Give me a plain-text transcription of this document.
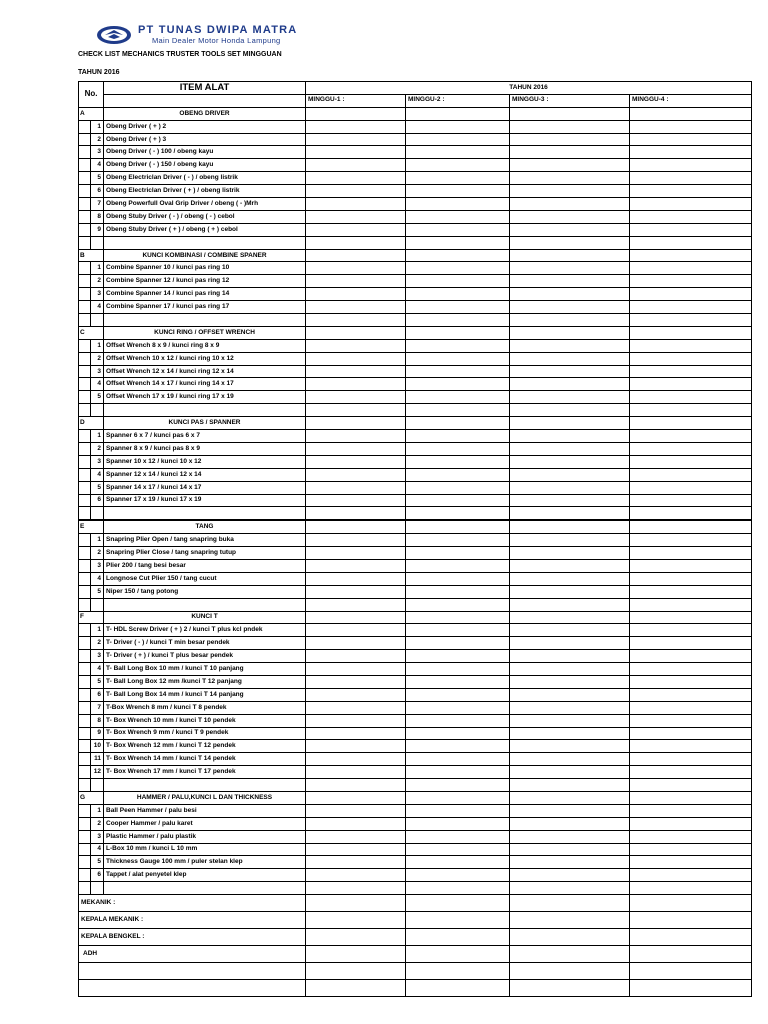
PT TUNAS DWIPA MATRA
Main Dealer Motor Honda Lampung
CHECK LIST MECHANICS TRUSTER TOOLS SET MINGGUAN
TAHUN 2016
No.		ITEM ALAT	TAHUN 2016			
			MINGGU-1 :	MINGGU-2 :	MINGGU-3 :	MINGGU-4 :
A		OBENG DRIVER				
	1	Obeng Driver ( + ) 2				
	2	Obeng Driver ( + ) 3				
	3	Obeng Driver ( - ) 100 / obeng kayu				
	4	Obeng Driver ( - ) 150 / obeng kayu				
	5	Obeng Electriclan Driver ( - ) / obeng listrik				
	6	Obeng Electriclan Driver ( + ) / obeng listrik				
	7	Obeng Powerfull Oval Grip Driver / obeng ( - )Mrh				
	8	Obeng Stuby Driver ( - ) / obeng ( - ) cebol				
	9	Obeng Stuby Driver ( + ) / obeng ( + ) cebol				

B		KUNCI KOMBINASI / COMBINE SPANER				
	1	Combine Spanner 10 / kunci pas ring 10				
	2	Combine Spanner 12 / kunci pas ring 12				
	3	Combine Spanner 14 / kunci pas ring 14				
	4	Combine Spanner 17 / kunci pas ring 17				

C		KUNCI RING / OFFSET WRENCH				
	1	Offset Wrench 8 x 9 / kunci ring 8 x 9				
	2	Offset Wrench 10 x 12 / kunci ring 10 x 12				
	3	Offset Wrench 12 x 14 / kunci ring 12 x 14				
	4	Offset Wrench 14 x 17 / kunci ring 14 x 17				
	5	Offset Wrench 17 x 19 / kunci ring 17 x 19				

D		KUNCI PAS / SPANNER				
	1	Spanner 6 x 7 / kunci pas 6 x 7				
	2	Spanner 8 x 9 / kunci pas 8 x 9				
	3	Spanner 10 x 12 / kunci 10 x 12				
	4	Spanner 12 x 14 / kunci 12 x 14				
	5	Spanner 14 x 17 / kunci 14 x 17				
	6	Spanner 17 x 19 / kunci 17 x 19				

E		TANG				
	1	Snapring Plier Open / tang snapring buka				
	2	Snapring Plier Close / tang snapring tutup				
	3	Plier 200 / tang besi besar				
	4	Longnose Cut Plier 150 / tang cucut				
	5	Niper 150 / tang potong				

F		KUNCI T				
	1	T- HDL Screw Driver ( + ) 2 / kunci T plus kcl pndek				
	2	T- Driver ( - ) / kunci T min besar pendek				
	3	T- Driver ( + ) / kunci T plus besar pendek				
	4	T- Ball Long Box 10 mm / kunci T 10 panjang				
	5	T- Ball Long Box 12 mm /kunci T 12 panjang				
	6	T- Ball Long Box 14 mm / kunci T 14 panjang				
	7	T-Box Wrench 8 mm / kunci T 8 pendek				
	8	T- Box Wrench 10 mm / kunci T 10 pendek				
	9	T- Box Wrench 9 mm / kunci T 9 pendek				
	10	T- Box Wrench 12 mm / kunci T 12 pendek				
	11	T- Box Wrench 14 mm / kunci T 14 pendek				
	12	T- Box Wrench 17 mm / kunci T 17 pendek				

G		HAMMER / PALU,KUNCI L DAN THICKNESS				
	1	Ball Peen Hammer / palu besi				
	2	Cooper Hammer / palu karet				
	3	Plastic Hammer / palu plastik				
	4	L-Box 10 mm / kunci L 10 mm				
	5	Thickness Gauge 100 mm / puler stelan klep				
	6	Tappet / alat penyetel klep				

MEKANIK :						
KEPALA MEKANIK :						
KEPALA BENGKEL :						
ADH						
